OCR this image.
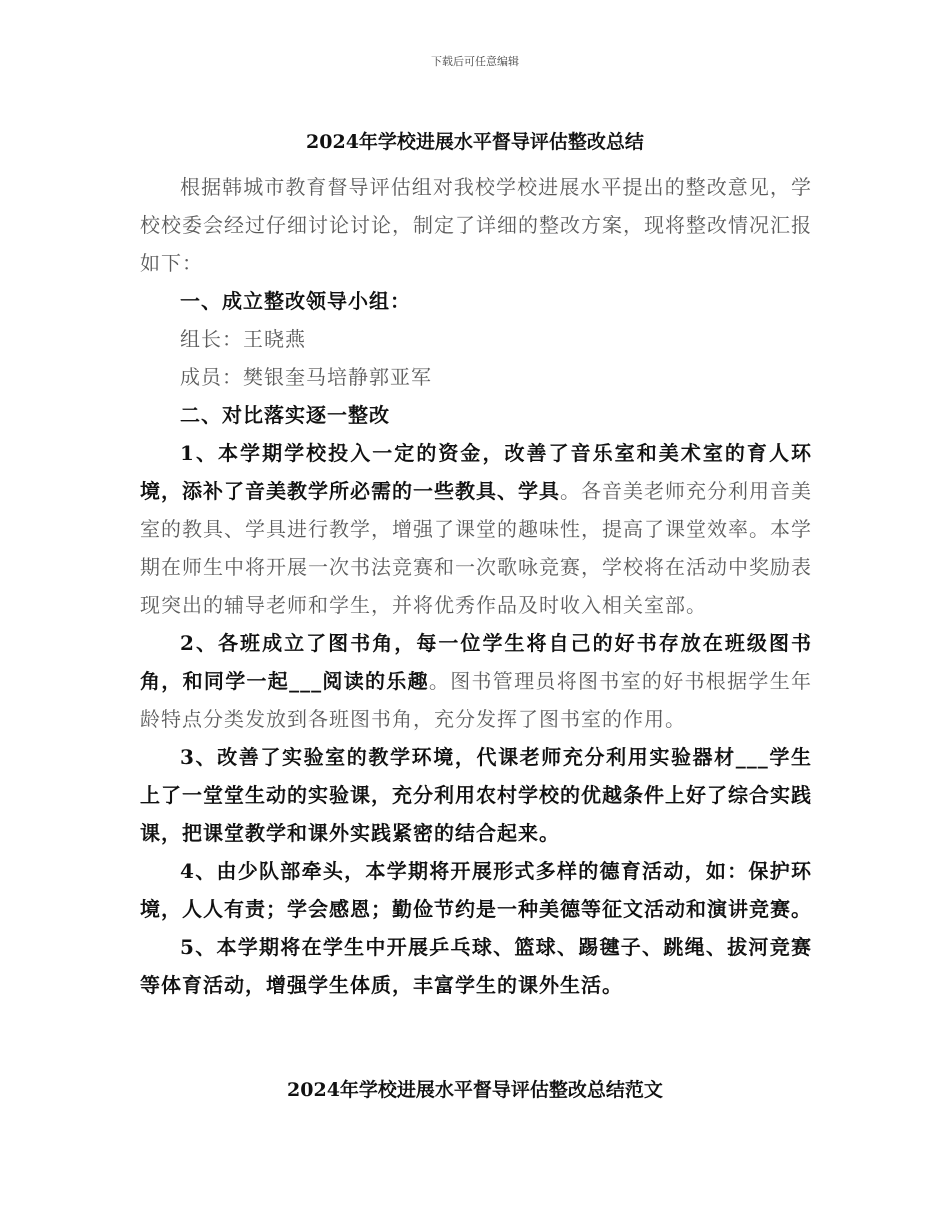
下载后可任意编辑
2024年学校进展水平督导评估整改总结

根据韩城市教育督导评估组对我校学校进展水平提出的整改意见，学校校委会经过仔细讨论讨论，制定了详细的整改方案，现将整改情况汇报如下：

一、成立整改领导小组：

组长：王晓燕

成员：樊银奎马培静郭亚军

二、对比落实逐一整改

1、本学期学校投入一定的资金，改善了音乐室和美术室的育人环境，添补了音美教学所必需的一些教具、学具。各音美老师充分利用音美室的教具、学具进行教学，增强了课堂的趣味性，提高了课堂效率。本学期在师生中将开展一次书法竞赛和一次歌咏竞赛，学校将在活动中奖励表现突出的辅导老师和学生，并将优秀作品及时收入相关室部。

2、各班成立了图书角，每一位学生将自己的好书存放在班级图书角，和同学一起___阅读的乐趣。图书管理员将图书室的好书根据学生年龄特点分类发放到各班图书角，充分发挥了图书室的作用。

3、改善了实验室的教学环境，代课老师充分利用实验器材___学生上了一堂堂生动的实验课，充分利用农村学校的优越条件上好了综合实践课，把课堂教学和课外实践紧密的结合起来。

4、由少队部牵头，本学期将开展形式多样的德育活动，如：保护环境，人人有责；学会感恩；勤俭节约是一种美德等征文活动和演讲竞赛。

5、本学期将在学生中开展乒乓球、篮球、踢毽子、跳绳、拔河竞赛等体育活动，增强学生体质，丰富学生的课外生活。

2024年学校进展水平督导评估整改总结范文
